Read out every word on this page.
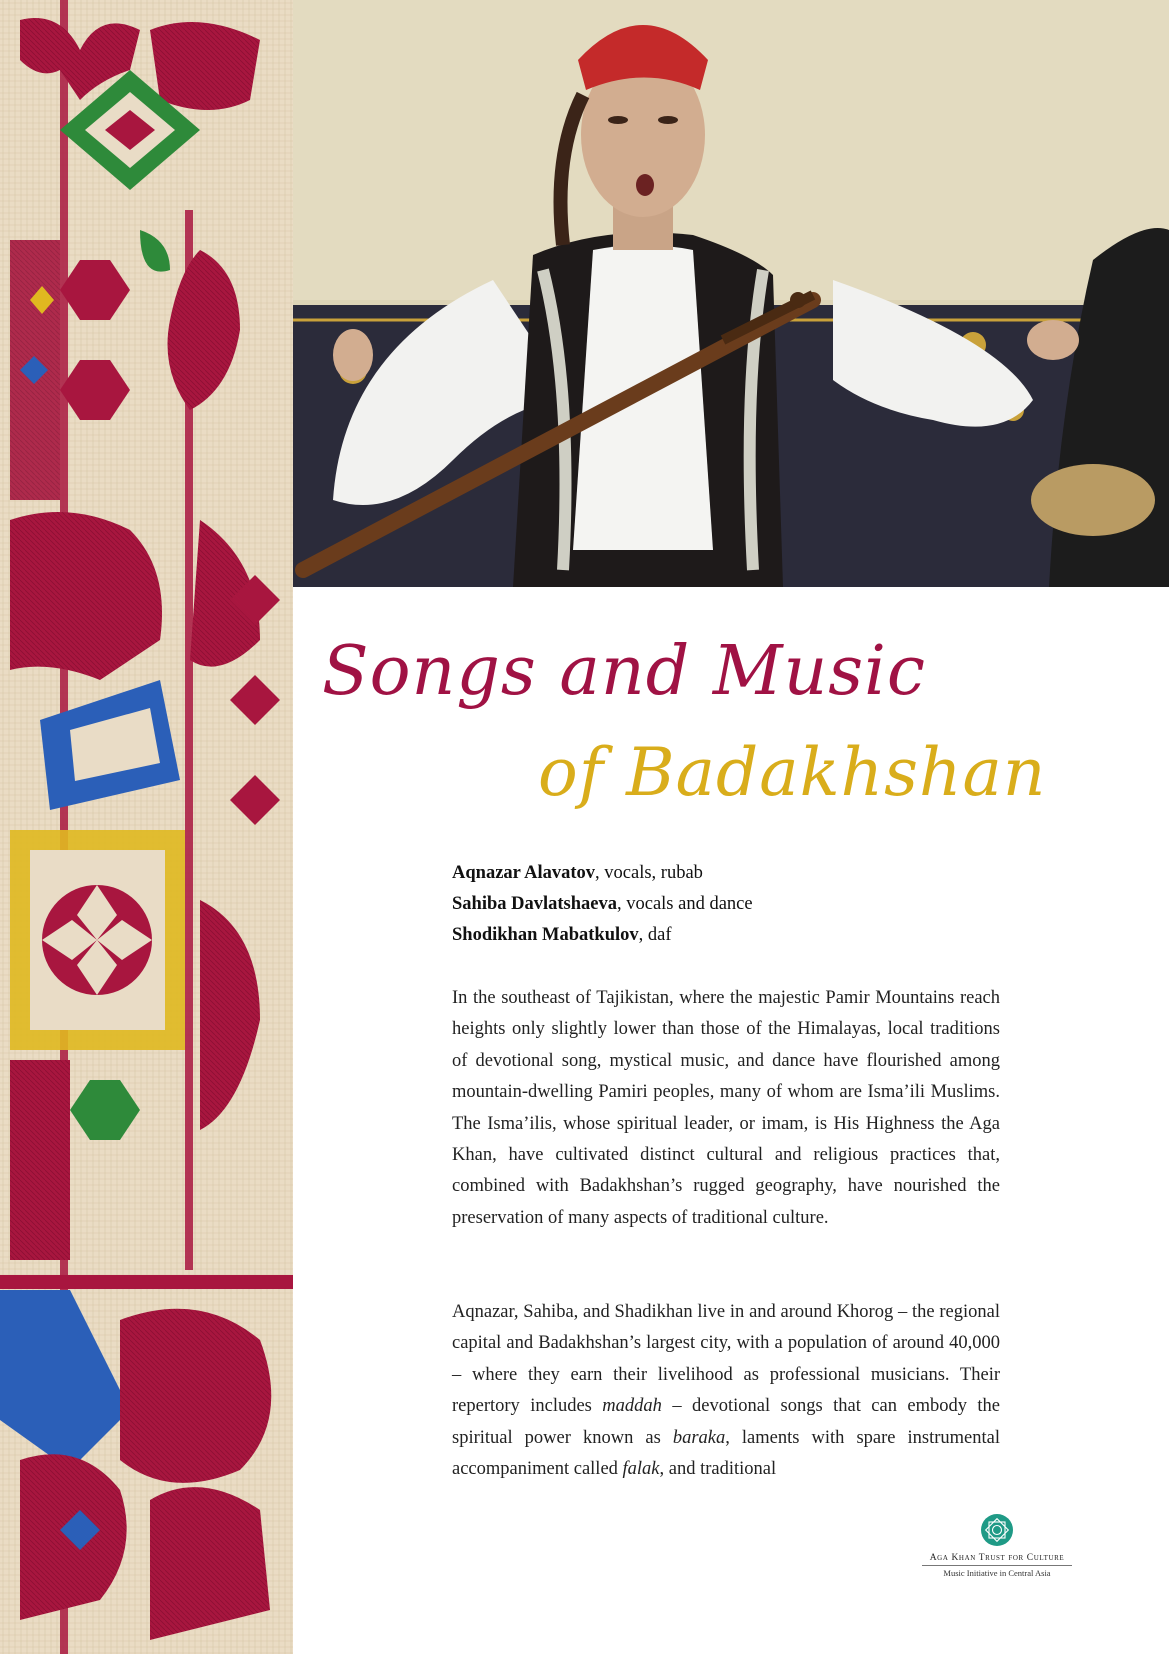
Songs and Music
of Badakhshan
Aqnazar Alavatov, vocals, rubab
Sahiba Davlatshaeva, vocals and dance
Shodikhan Mabatkulov, daf

In the southeast of Tajikistan, where the majestic Pamir Mountains reach heights only slightly lower than those of the Himalayas, local traditions of devotional song, mystical music, and dance have flourished among mountain-dwelling Pamiri peoples, many of whom are Isma’ili Muslims. The Isma’ilis, whose spiritual leader, or imam, is His Highness the Aga Khan, have cultivated distinct cultural and religious practices that, combined with Badakhshan’s rugged geography, have nourished the preservation of many aspects of traditional culture.

Aqnazar, Sahiba, and Shadikhan live in and around Khorog – the regional capital and Badakhshan’s largest city, with a population of around 40,000 – where they earn their livelihood as professional musicians. Their repertory includes maddah – devotional songs that can embody the spiritual power known as baraka, laments with spare instrumental accompaniment called falak, and traditional

Aga Khan Trust for Culture
Music Initiative in Central Asia
